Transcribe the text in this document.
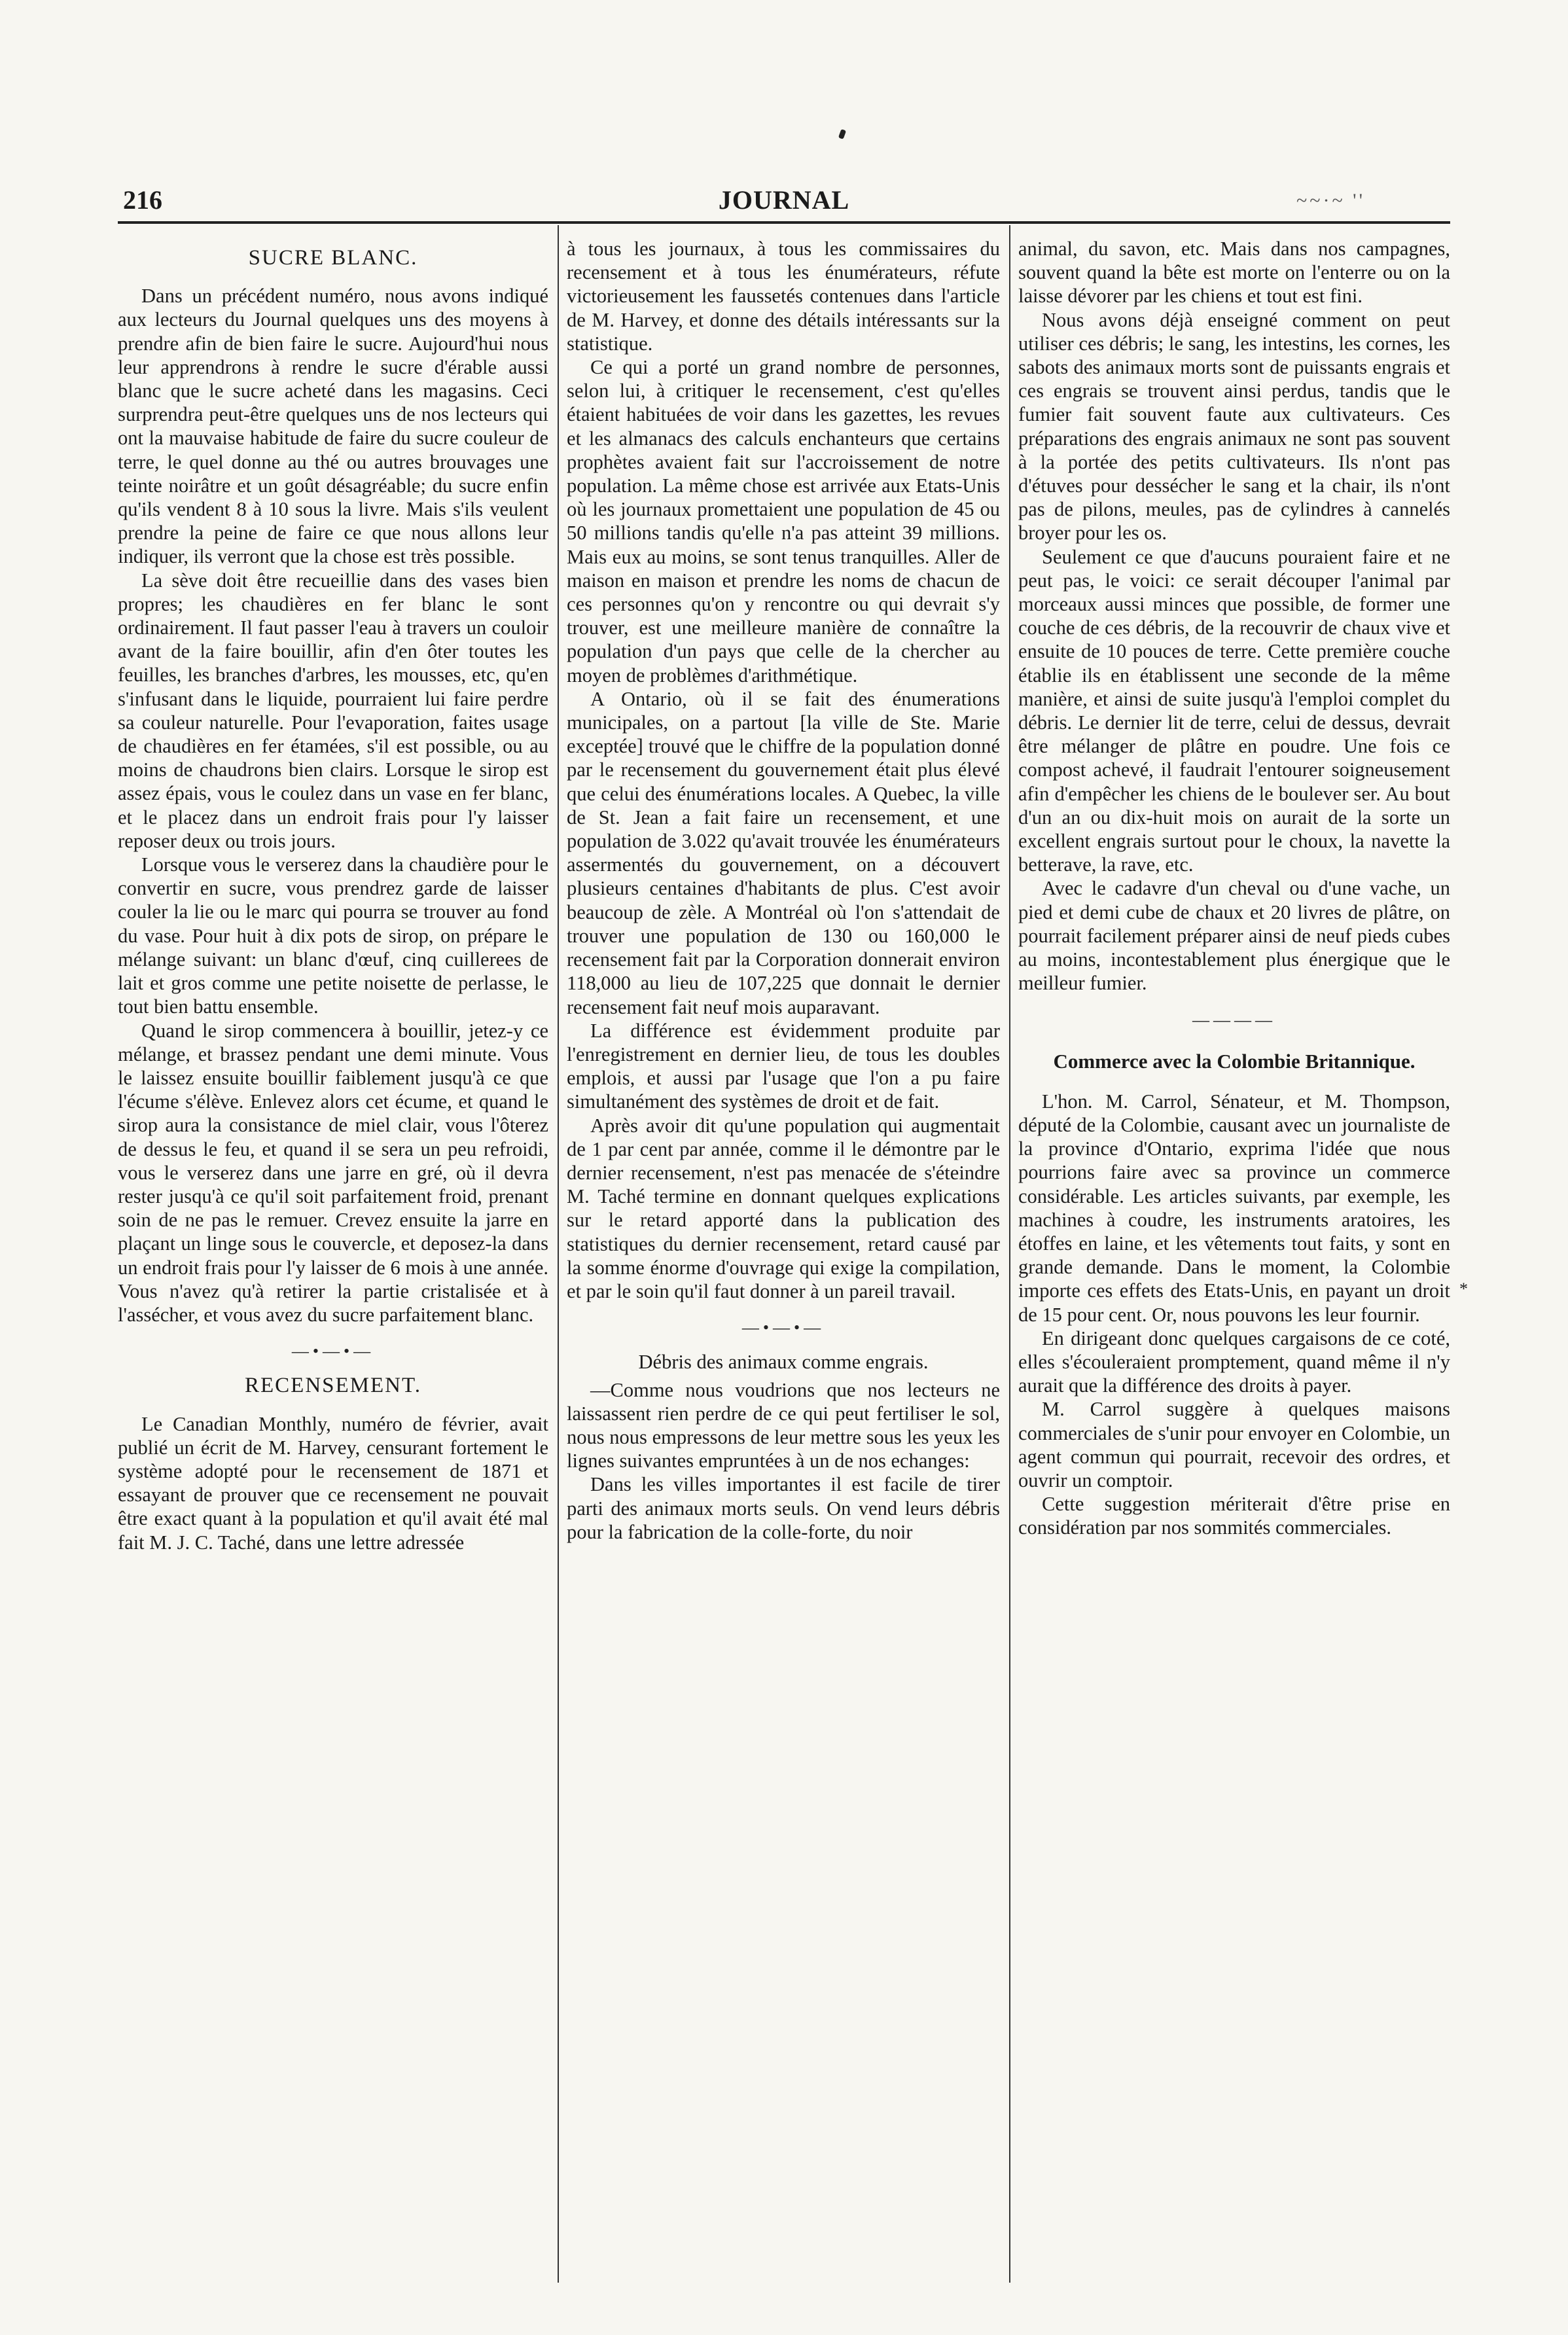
216	JOURNAL	~~·~ ''
SUCRE BLANC.

Dans un précédent numéro, nous avons indiqué aux lecteurs du Journal quelques uns des moyens à prendre afin de bien faire le sucre. Aujourd'hui nous leur apprendrons à rendre le sucre d'érable aussi blanc que le sucre acheté dans les magasins. Ceci surprendra peut-être quelques uns de nos lecteurs qui ont la mauvaise habitude de faire du sucre couleur de terre, le quel donne au thé ou autres brouvages une teinte noirâtre et un goût désagréable; du sucre enfin qu'ils vendent 8 à 10 sous la livre. Mais s'ils veulent prendre la peine de faire ce que nous allons leur indiquer, ils verront que la chose est très possible.

La sève doit être recueillie dans des vases bien propres; les chaudières en fer blanc le sont ordinairement. Il faut passer l'eau à travers un couloir avant de la faire bouillir, afin d'en ôter toutes les feuilles, les branches d'arbres, les mousses, etc, qu'en s'infusant dans le liquide, pourraient lui faire perdre sa couleur naturelle. Pour l'evaporation, faites usage de chaudières en fer étamées, s'il est possible, ou au moins de chaudrons bien clairs. Lorsque le sirop est assez épais, vous le coulez dans un vase en fer blanc, et le placez dans un endroit frais pour l'y laisser reposer deux ou trois jours.

Lorsque vous le verserez dans la chaudière pour le convertir en sucre, vous prendrez garde de laisser couler la lie ou le marc qui pourra se trouver au fond du vase. Pour huit à dix pots de sirop, on prépare le mélange suivant: un blanc d'œuf, cinq cuillerees de lait et gros comme une petite noisette de perlasse, le tout bien battu ensemble.

Quand le sirop commencera à bouillir, jetez-y ce mélange, et brassez pendant une demi minute. Vous le laissez ensuite bouillir faiblement jusqu'à ce que l'écume s'élève. Enlevez alors cet écume, et quand le sirop aura la consistance de miel clair, vous l'ôterez de dessus le feu, et quand il se sera un peu refroidi, vous le verserez dans une jarre en gré, où il devra rester jusqu'à ce qu'il soit parfaitement froid, prenant soin de ne pas le remuer. Crevez ensuite la jarre en plaçant un linge sous le couvercle, et deposez-la dans un endroit frais pour l'y laisser de 6 mois à une année. Vous n'avez qu'à retirer la partie cristalisée et à l'assécher, et vous avez du sucre parfaitement blanc.

—•—•—
RECENSEMENT.

Le Canadian Monthly, numéro de février, avait publié un écrit de M. Harvey, censurant fortement le système adopté pour le recensement de 1871 et essayant de prouver que ce recensement ne pouvait être exact quant à la population et qu'il avait été mal fait M. J. C. Taché, dans une lettre adressée

à tous les journaux, à tous les commissaires du recensement et à tous les énumérateurs, réfute victorieusement les faussetés contenues dans l'article de M. Harvey, et donne des détails intéressants sur la statistique.

Ce qui a porté un grand nombre de personnes, selon lui, à critiquer le recensement, c'est qu'elles étaient habituées de voir dans les gazettes, les revues et les almanacs des calculs enchanteurs que certains prophètes avaient fait sur l'accroissement de notre population. La même chose est arrivée aux Etats-Unis où les journaux promettaient une population de 45 ou 50 millions tandis qu'elle n'a pas atteint 39 millions. Mais eux au moins, se sont tenus tranquilles. Aller de maison en maison et prendre les noms de chacun de ces personnes qu'on y rencontre ou qui devrait s'y trouver, est une meilleure manière de connaître la population d'un pays que celle de la chercher au moyen de problèmes d'arithmétique.

A Ontario, où il se fait des énumerations municipales, on a partout [la ville de Ste. Marie exceptée] trouvé que le chiffre de la population donné par le recensement du gouvernement était plus élevé que celui des énumérations locales. A Quebec, la ville de St. Jean a fait faire un recensement, et une population de 3.022 qu'avait trouvée les énumérateurs assermentés du gouvernement, on a découvert plusieurs centaines d'habitants de plus. C'est avoir beaucoup de zèle. A Montréal où l'on s'attendait de trouver une population de 130 ou 160,000 le recensement fait par la Corporation donnerait environ 118,000 au lieu de 107,225 que donnait le dernier recensement fait neuf mois auparavant.

La différence est évidemment produite par l'enregistrement en dernier lieu, de tous les doubles emplois, et aussi par l'usage que l'on a pu faire simultanément des systèmes de droit et de fait.

Après avoir dit qu'une population qui augmentait de 1 par cent par année, comme il le démontre par le dernier recensement, n'est pas menacée de s'éteindre M. Taché termine en donnant quelques explications sur le retard apporté dans la publication des statistiques du dernier recensement, retard causé par la somme énorme d'ouvrage qui exige la compilation, et par le soin qu'il faut donner à un pareil travail.

—•—•—
Débris des animaux comme engrais.

—Comme nous voudrions que nos lecteurs ne laissassent rien perdre de ce qui peut fertiliser le sol, nous nous empressons de leur mettre sous les yeux les lignes suivantes empruntées à un de nos echanges:

Dans les villes importantes il est facile de tirer parti des animaux morts seuls. On vend leurs débris pour la fabrication de la colle-forte, du noir

animal, du savon, etc. Mais dans nos campagnes, souvent quand la bête est morte on l'enterre ou on la laisse dévorer par les chiens et tout est fini.

Nous avons déjà enseigné comment on peut utiliser ces débris; le sang, les intestins, les cornes, les sabots des animaux morts sont de puissants engrais et ces engrais se trouvent ainsi perdus, tandis que le fumier fait souvent faute aux cultivateurs. Ces préparations des engrais animaux ne sont pas souvent à la portée des petits cultivateurs. Ils n'ont pas d'étuves pour dessécher le sang et la chair, ils n'ont pas de pilons, meules, pas de cylindres à cannelés broyer pour les os.

Seulement ce que d'aucuns pouraient faire et ne peut pas, le voici: ce serait découper l'animal par morceaux aussi minces que possible, de former une couche de ces débris, de la recouvrir de chaux vive et ensuite de 10 pouces de terre. Cette première couche établie ils en établissent une seconde de la même manière, et ainsi de suite jusqu'à l'emploi complet du débris. Le dernier lit de terre, celui de dessus, devrait être mélanger de plâtre en poudre. Une fois ce compost achevé, il faudrait l'entourer soigneusement afin d'empêcher les chiens de le boulever ser. Au bout d'un an ou dix-huit mois on aurait de la sorte un excellent engrais surtout pour le choux, la navette la betterave, la rave, etc.

Avec le cadavre d'un cheval ou d'une vache, un pied et demi cube de chaux et 20 livres de plâtre, on pourrait facilement préparer ainsi de neuf pieds cubes au moins, incontestablement plus énergique que le meilleur fumier.

————
Commerce avec la Colombie Britannique.

L'hon. M. Carrol, Sénateur, et M. Thompson, député de la Colombie, causant avec un journaliste de la province d'Ontario, exprima l'idée que nous pourrions faire avec sa province un commerce considérable. Les articles suivants, par exemple, les machines à coudre, les instruments aratoires, les étoffes en laine, et les vêtements tout faits, y sont en grande demande. Dans le moment, la Colombie importe ces effets des Etats-Unis, en payant un droit de 15 pour cent. Or, nous pouvons les leur fournir.

En dirigeant donc quelques cargaisons de ce coté, elles s'écouleraient promptement, quand même il n'y aurait que la différence des droits à payer.

M. Carrol suggère à quelques maisons commerciales de s'unir pour envoyer en Colombie, un agent commun qui pourrait, recevoir des ordres, et ouvrir un comptoir.

Cette suggestion mériterait d'être prise en considération par nos sommités commerciales.

*
